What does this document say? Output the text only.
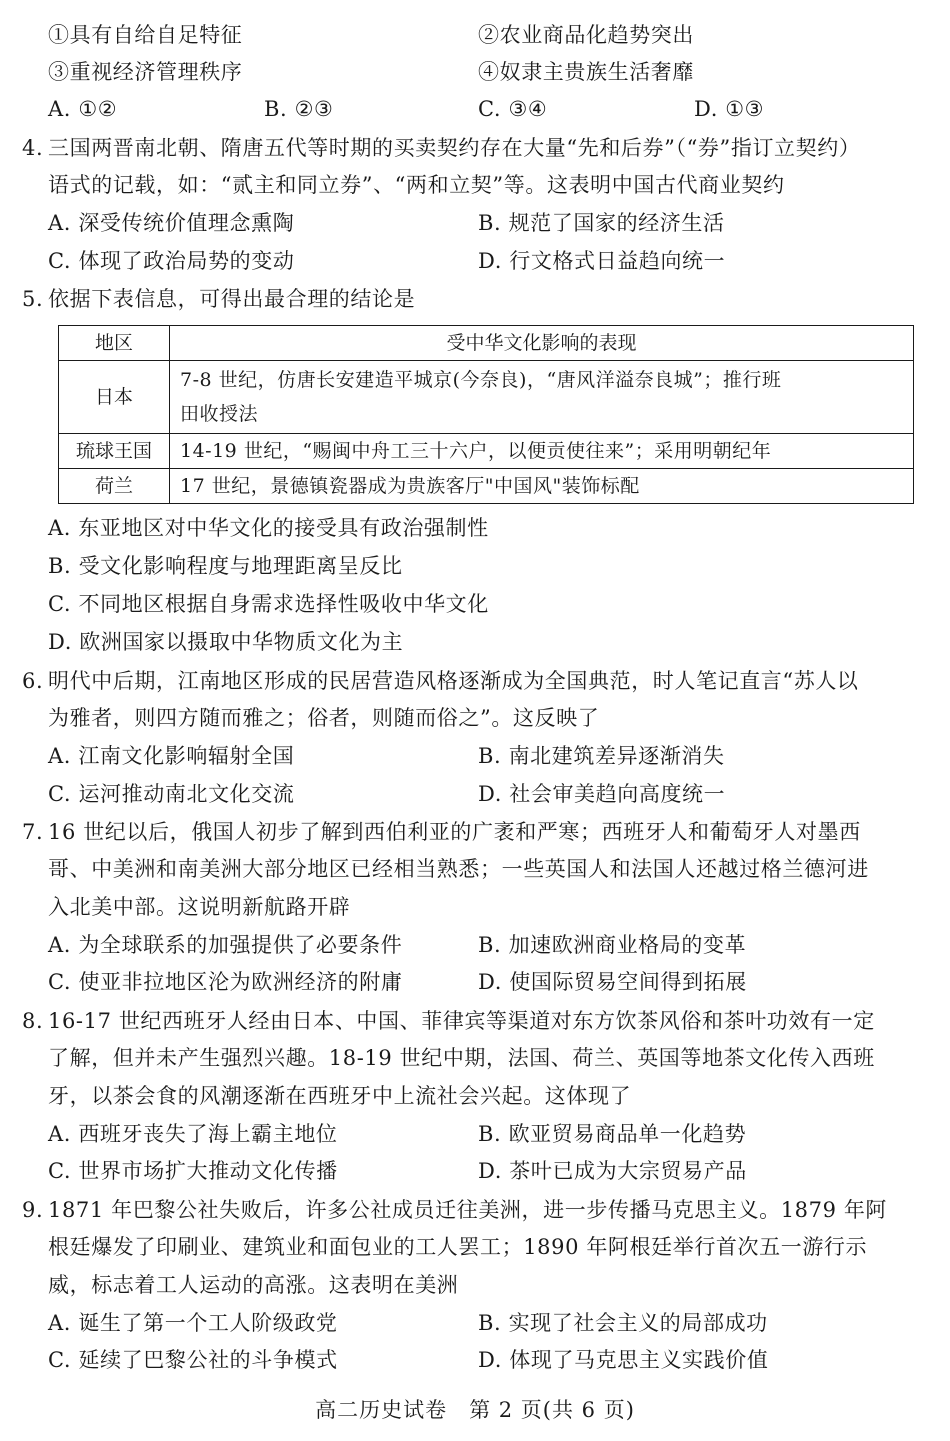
①具有自给自足特征	②农业商品化趋势突出
③重视经济管理秩序	④奴隶主贵族生活奢靡
A. ①②	B. ②③	C. ③④	D. ①③
4. 三国两晋南北朝、隋唐五代等时期的买卖契约存在大量“先和后券”（“券”指订立契约）
语式的记载，如：“贰主和同立券”、“两和立契”等。这表明中国古代商业契约
A. 深受传统价值理念熏陶	B. 规范了国家的经济生活
C. 体现了政治局势的变动	D. 行文格式日益趋向统一
5. 依据下表信息，可得出最合理的结论是
地区	受中华文化影响的表现
日本	7-8 世纪，仿唐长安建造平城京(今奈良)，“唐风洋溢奈良城”；推行班
田收授法

琉球王国	14-19 世纪，“赐闽中舟工三十六户，以便贡使往来”；采用明朝纪年
荷兰	17 世纪，景德镇瓷器成为贵族客厅"中国风"装饰标配
A. 东亚地区对中华文化的接受具有政治强制性
B. 受文化影响程度与地理距离呈反比
C. 不同地区根据自身需求选择性吸收中华文化
D. 欧洲国家以摄取中华物质文化为主
6. 明代中后期，江南地区形成的民居营造风格逐渐成为全国典范，时人笔记直言“苏人以
为雅者，则四方随而雅之；俗者，则随而俗之”。这反映了
A. 江南文化影响辐射全国	B. 南北建筑差异逐渐消失
C. 运河推动南北文化交流	D. 社会审美趋向高度统一
7. 16 世纪以后，俄国人初步了解到西伯利亚的广袤和严寒；西班牙人和葡萄牙人对墨西
哥、中美洲和南美洲大部分地区已经相当熟悉；一些英国人和法国人还越过格兰德河进
入北美中部。这说明新航路开辟
A. 为全球联系的加强提供了必要条件	B. 加速欧洲商业格局的变革
C. 使亚非拉地区沦为欧洲经济的附庸	D. 使国际贸易空间得到拓展
8. 16-17 世纪西班牙人经由日本、中国、菲律宾等渠道对东方饮茶风俗和茶叶功效有一定
了解，但并未产生强烈兴趣。18-19 世纪中期，法国、荷兰、英国等地茶文化传入西班
牙，以茶会食的风潮逐渐在西班牙中上流社会兴起。这体现了
A. 西班牙丧失了海上霸主地位	B. 欧亚贸易商品单一化趋势
C. 世界市场扩大推动文化传播	D. 茶叶已成为大宗贸易产品
9. 1871 年巴黎公社失败后，许多公社成员迁往美洲，进一步传播马克思主义。1879 年阿
根廷爆发了印刷业、建筑业和面包业的工人罢工；1890 年阿根廷举行首次五一游行示
威，标志着工人运动的高涨。这表明在美洲
A. 诞生了第一个工人阶级政党	B. 实现了社会主义的局部成功
C. 延续了巴黎公社的斗争模式	D. 体现了马克思主义实践价值
高二历史试卷　第 2 页(共 6 页)
